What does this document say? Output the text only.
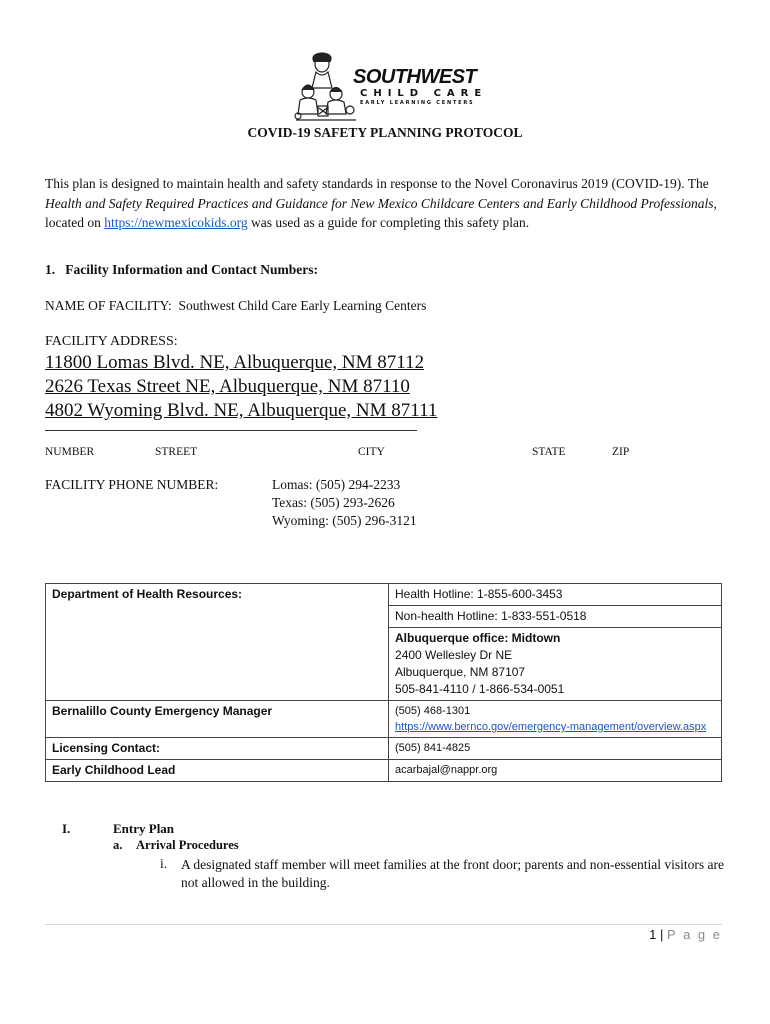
SOUTHWEST
CHILD CARE
EARLY LEARNING CENTERS
COVID-19 SAFETY PLANNING PROTOCOL
This plan is designed to maintain health and safety standards in response to the Novel Coronavirus 2019 (COVID-19). The Health and Safety Required Practices and Guidance for New Mexico Childcare Centers and Early Childhood Professionals, located on https://newmexicokids.org was used as a guide for completing this safety plan.
1.   Facility Information and Contact Numbers:
NAME OF FACILITY: Southwest Child Care Early Learning Centers
FACILITY ADDRESS:
11800 Lomas Blvd. NE, Albuquerque, NM 87112
2626 Texas Street NE, Albuquerque, NM 87110
4802 Wyoming Blvd. NE, Albuquerque, NM 87111
NUMBER	STREET	CITY	STATE	ZIP
FACILITY PHONE NUMBER:	Lomas: (505) 294-2233
Texas: (505) 293-2626
Wyoming: (505) 296-3121
Department of Health Resources:	Health Hotline: 1-855-600-3453
	Non-health Hotline: 1-833-551-0518

	Albuquerque office: Midtown
2400 Wellesley Dr NE
Albuquerque, NM 87107
505-841-4110 / 1-866-534-0051

Bernalillo County Emergency Manager	(505) 468-1301
https://www.bernco.gov/emergency-management/overview.aspx
Licensing Contact:	(505) 841-4825
Early Childhood Lead	acarbajal@nappr.org
I.	Entry Plan
a. Arrival Procedures
i. A designated staff member will meet families at the front door; parents and non-essential visitors are not allowed in the building.
1 | P a g e
